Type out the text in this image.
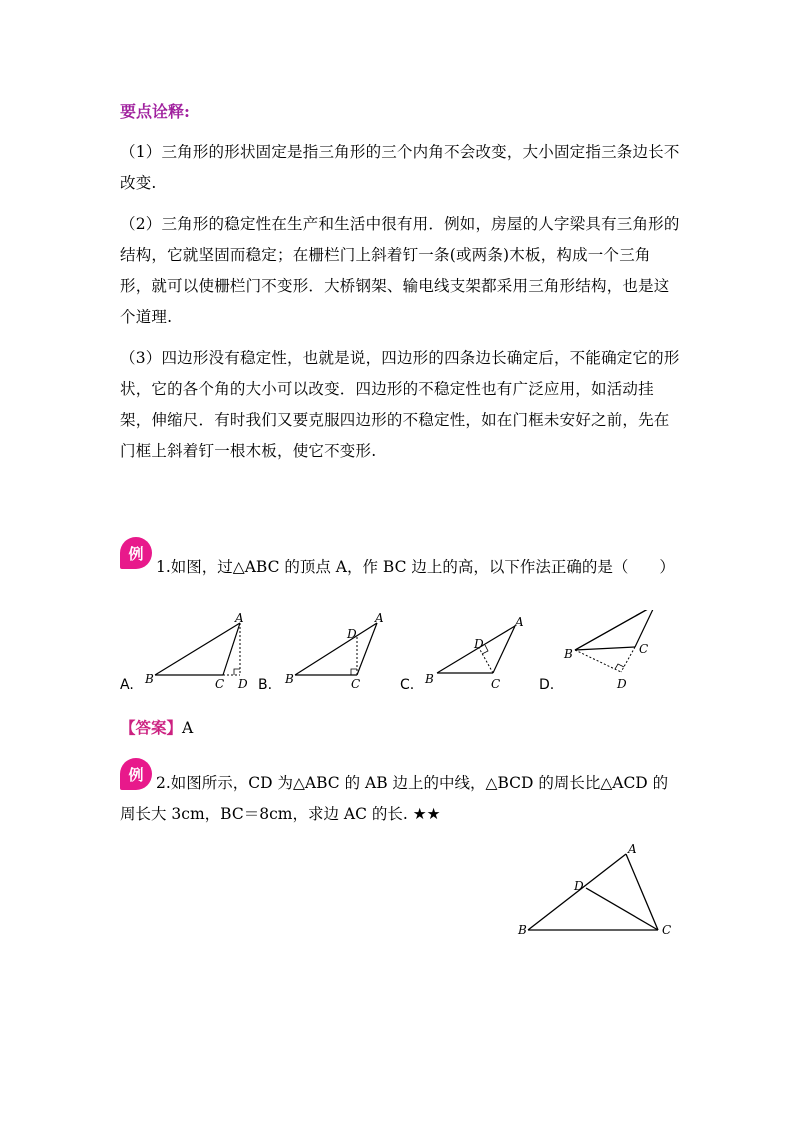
要点诠释:
（1）三角形的形状固定是指三角形的三个内角不会改变，大小固定指三条边长不改变.
（2）三角形的稳定性在生产和生活中很有用．例如，房屋的人字梁具有三角形的结构，它就坚固而稳定；在栅栏门上斜着钉一条(或两条)木板，构成一个三角形，就可以使栅栏门不变形．大桥钢架、输电线支架都采用三角形结构，也是这个道理.
（3）四边形没有稳定性，也就是说，四边形的四条边长确定后，不能确定它的形状，它的各个角的大小可以改变．四边形的不稳定性也有广泛应用，如活动挂架，伸缩尺．有时我们又要克服四边形的不稳定性，如在门框未安好之前，先在门框上斜着钉一根木板，使它不变形.
例
1.如图，过△ABC 的顶点 A，作 BC 边上的高，以下作法正确的是（　　）
A
B	C D
A
D
B	C
A
D
B	C
B	C
D
A.	B.	C.	D.
【答案】A
例 2.如图所示，CD 为△ABC 的 AB 边上的中线，△BCD 的周长比△ACD 的周长大 3cm，BC＝8cm，求边 AC 的长. ★★
A
D
B	C
